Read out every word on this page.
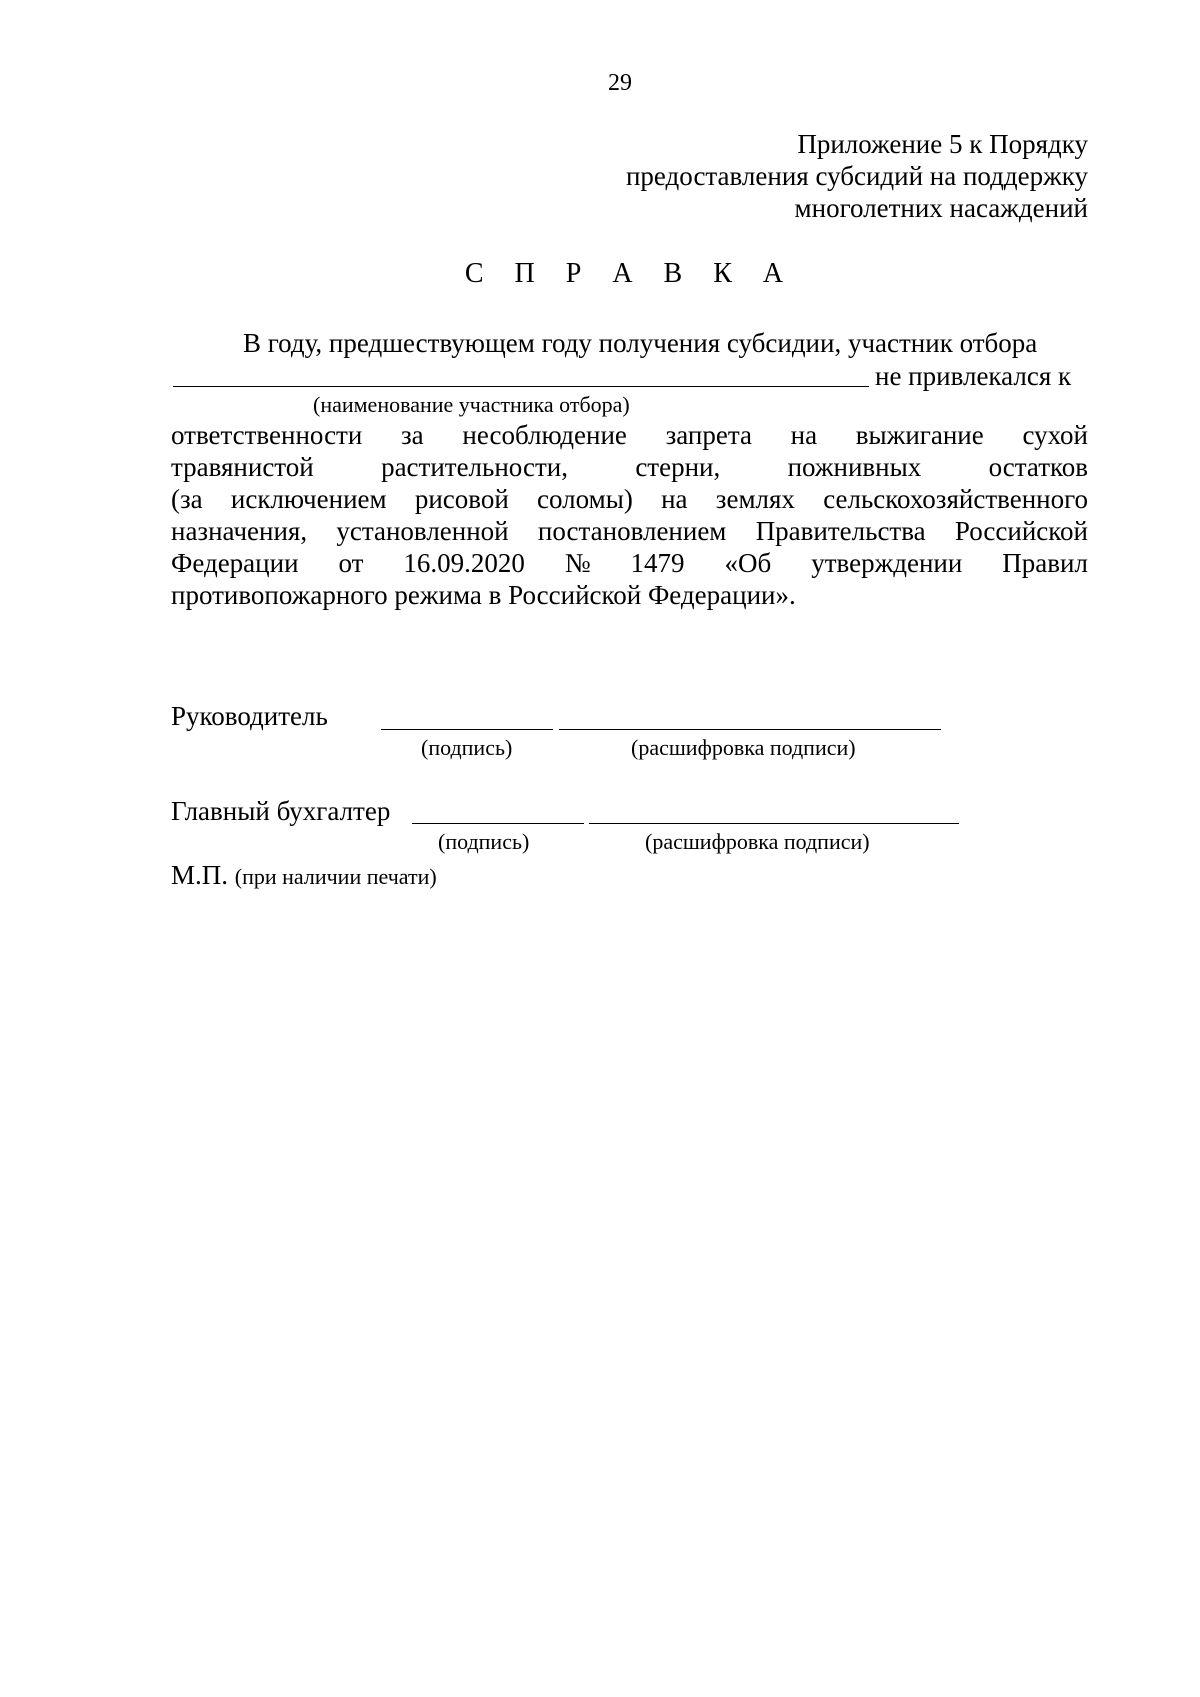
29
Приложение 5 к Порядку
предоставления субсидий на поддержку
многолетних насаждений
С П Р А В К А
В году, предшествующем году получения субсидии, участник отбора
не привлекался к
(наименование участника отбора)
ответственности за несоблюдение запрета на выжигание сухой
травянистой растительности, стерни, пожнивных остатков
(за исключением рисовой соломы) на землях сельскохозяйственного
назначения, установленной постановлением Правительства Российской
Федерации от 16.09.2020 № 1479 «Об утверждении Правил
противопожарного режима в Российской Федерации».
Руководитель
(подпись)	(расшифровка подписи)
Главный бухгалтер
(подпись)	(расшифровка подписи)
М.П. (при наличии печати)
